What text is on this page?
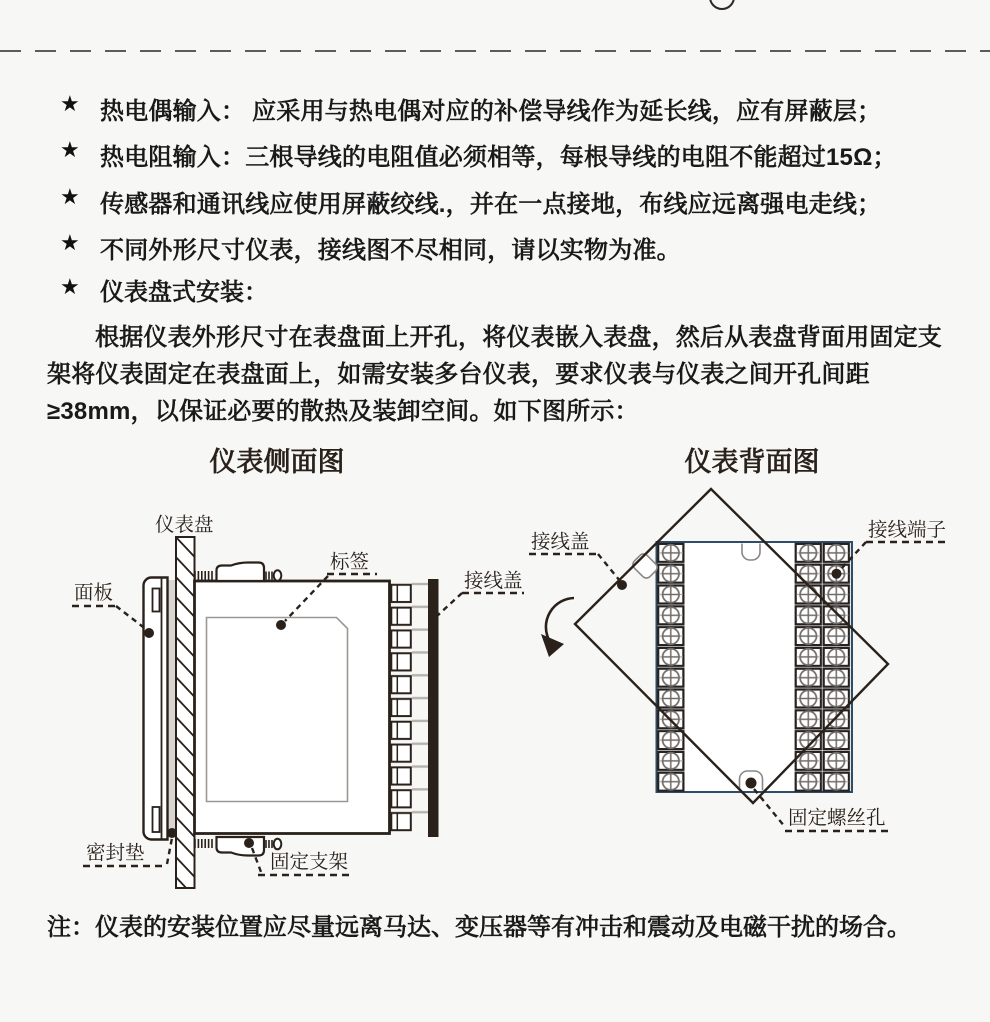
★ 热电偶输入： 应采用与热电偶对应的补偿导线作为延长线，应有屏蔽层；
★ 热电阻输入：三根导线的电阻值必须相等，每根导线的电阻不能超过15Ω；
★ 传感器和通讯线应使用屏蔽绞线.，并在一点接地，布线应远离强电走线；
★ 不同外形尺寸仪表，接线图不尽相同，请以实物为准。
★ 仪表盘式安装：
根据仪表外形尺寸在表盘面上开孔，将仪表嵌入表盘，然后从表盘背面用固定支架将仪表固定在表盘面上，如需安装多台仪表，要求仪表与仪表之间开孔间距≥38mm，以保证必要的散热及装卸空间。如下图所示：
仪表侧面图
仪表盘
面板
标签
接线盖
密封垫	固定支架
仪表背面图
接线盖
接线端子
固定螺丝孔
注：仪表的安装位置应尽量远离马达、变压器等有冲击和震动及电磁干扰的场合。
